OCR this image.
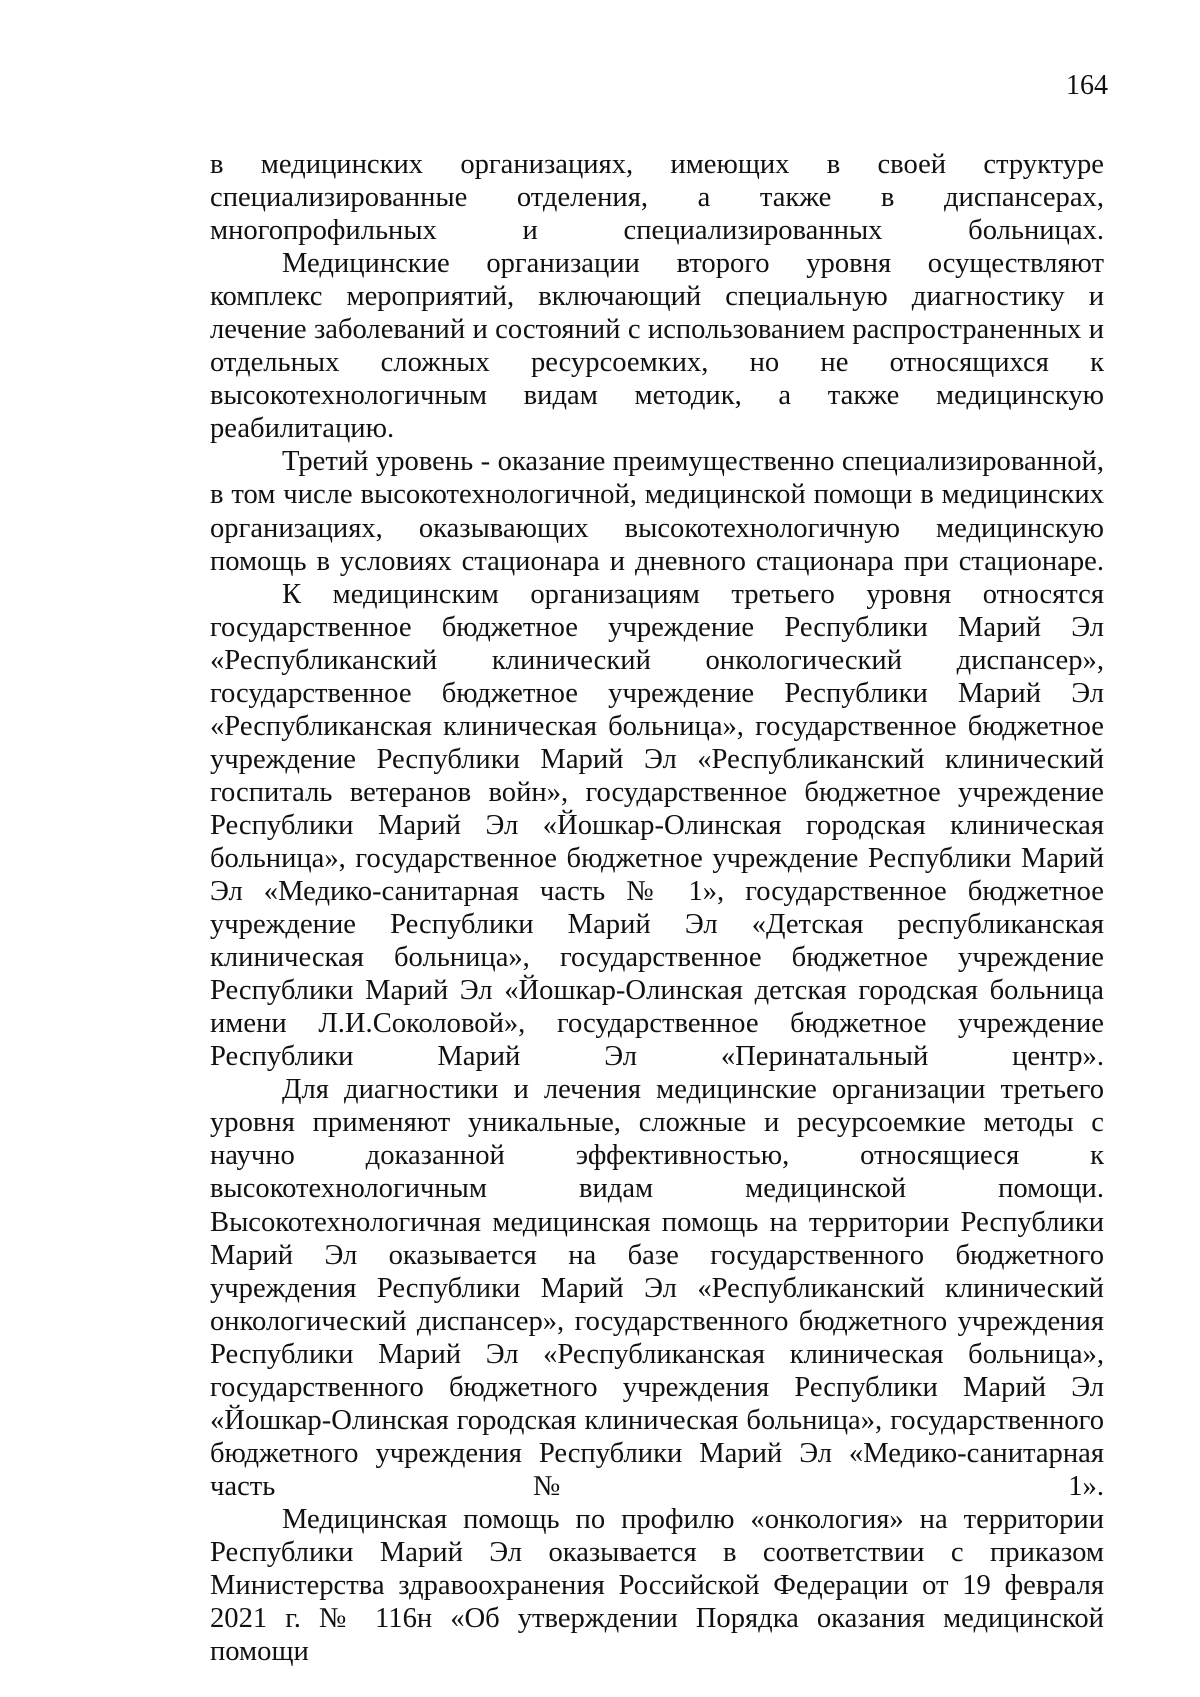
164

в медицинских организациях, имеющих в своей структуре специализированные отделения, а также в диспансерах, многопрофильных и специализированных больницах.

Медицинские организации второго уровня осуществляют комплекс мероприятий, включающий специальную диагностику и лечение заболеваний и состояний с использованием распространенных и отдельных сложных ресурсоемких, но не относящихся к высокотехнологичным видам методик, а также медицинскую реабилитацию.

Третий уровень - оказание преимущественно специализированной, в том числе высокотехнологичной, медицинской помощи в медицинских организациях, оказывающих высокотехнологичную медицинскую помощь в условиях стационара и дневного стационара при стационаре.

К медицинским организациям третьего уровня относятся государственное бюджетное учреждение Республики Марий Эл «Республиканский клинический онкологический диспансер», государственное бюджетное учреждение Республики Марий Эл «Республиканская клиническая больница», государственное бюджетное учреждение Республики Марий Эл «Республиканский клинический госпиталь ветеранов войн», государственное бюджетное учреждение Республики Марий Эл «Йошкар-Олинская городская клиническая больница», государственное бюджетное учреждение Республики Марий Эл «Медико-санитарная часть № 1», государственное бюджетное учреждение Республики Марий Эл «Детская республиканская клиническая больница», государственное бюджетное учреждение Республики Марий Эл «Йошкар-Олинская детская городская больница имени Л.И.Соколовой», государственное бюджетное учреждение Республики Марий Эл «Перинатальный центр».

Для диагностики и лечения медицинские организации третьего уровня применяют уникальные, сложные и ресурсоемкие методы с научно доказанной эффективностью, относящиеся к высокотехнологичным видам медицинской помощи. Высокотехнологичная медицинская помощь на территории Республики Марий Эл оказывается на базе государственного бюджетного учреждения Республики Марий Эл «Республиканский клинический онкологический диспансер», государственного бюджетного учреждения Республики Марий Эл «Республиканская клиническая больница», государственного бюджетного учреждения Республики Марий Эл «Йошкар-Олинская городская клиническая больница», государственного бюджетного учреждения Республики Марий Эл «Медико-санитарная часть № 1».

Медицинская помощь по профилю «онкология» на территории Республики Марий Эл оказывается в соответствии с приказом Министерства здравоохранения Российской Федерации от 19 февраля 2021 г. № 116н «Об утверждении Порядка оказания медицинской помощи
